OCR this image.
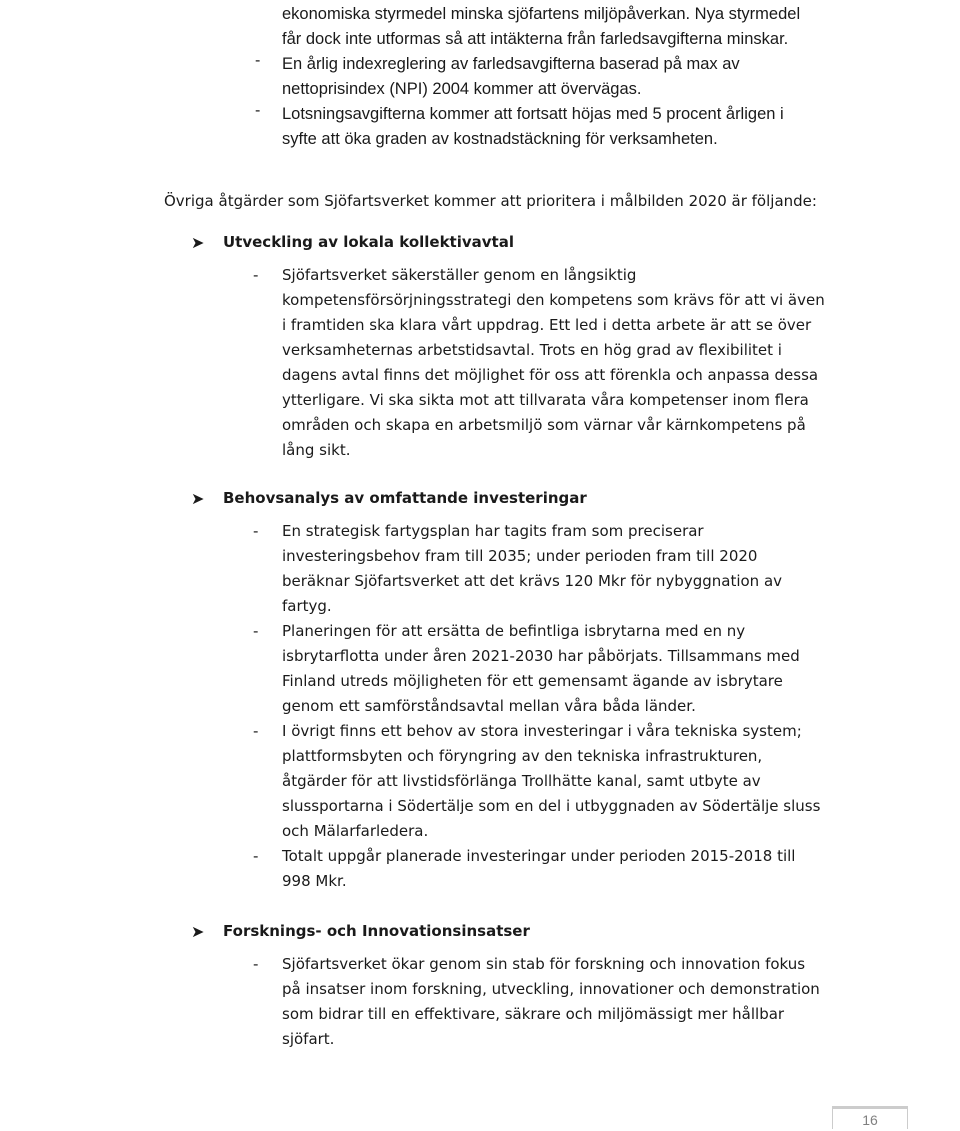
ekonomiska styrmedel minska sjöfartens miljöpåverkan. Nya styrmedel
får dock inte utformas så att intäkterna från farledsavgifterna minskar.
- En årlig indexreglering av farledsavgifterna baserad på max av
nettoprisindex (NPI) 2004 kommer att övervägas.
- Lotsningsavgifterna kommer att fortsatt höjas med 5 procent årligen i
syfte att öka graden av kostnadstäckning för verksamheten.
Övriga åtgärder som Sjöfartsverket kommer att prioritera i målbilden 2020 är följande:
➤ Utveckling av lokala kollektivavtal
- Sjöfartsverket säkerställer genom en långsiktig
kompetensförsörjningsstrategi den kompetens som krävs för att vi även
i framtiden ska klara vårt uppdrag. Ett led i detta arbete är att se över
verksamheternas arbetstidsavtal. Trots en hög grad av flexibilitet i
dagens avtal finns det möjlighet för oss att förenkla och anpassa dessa
ytterligare. Vi ska sikta mot att tillvarata våra kompetenser inom flera
områden och skapa en arbetsmiljö som värnar vår kärnkompetens på
lång sikt.
➤ Behovsanalys av omfattande investeringar
- En strategisk fartygsplan har tagits fram som preciserar
investeringsbehov fram till 2035; under perioden fram till 2020
beräknar Sjöfartsverket att det krävs 120 Mkr för nybyggnation av
fartyg.
- Planeringen för att ersätta de befintliga isbrytarna med en ny
isbrytarflotta under åren 2021-2030 har påbörjats. Tillsammans med
Finland utreds möjligheten för ett gemensamt ägande av isbrytare
genom ett samförståndsavtal mellan våra båda länder.
- I övrigt finns ett behov av stora investeringar i våra tekniska system;
plattformsbyten och föryngring av den tekniska infrastrukturen,
åtgärder för att livstidsförlänga Trollhätte kanal, samt utbyte av
slussportarna i Södertälje som en del i utbyggnaden av Södertälje sluss
och Mälarfarledera.
- Totalt uppgår planerade investeringar under perioden 2015-2018 till
998 Mkr.
➤ Forsknings- och Innovationsinsatser
- Sjöfartsverket ökar genom sin stab för forskning och innovation fokus
på insatser inom forskning, utveckling, innovationer och demonstration
som bidrar till en effektivare, säkrare och miljömässigt mer hållbar
sjöfart.
16
